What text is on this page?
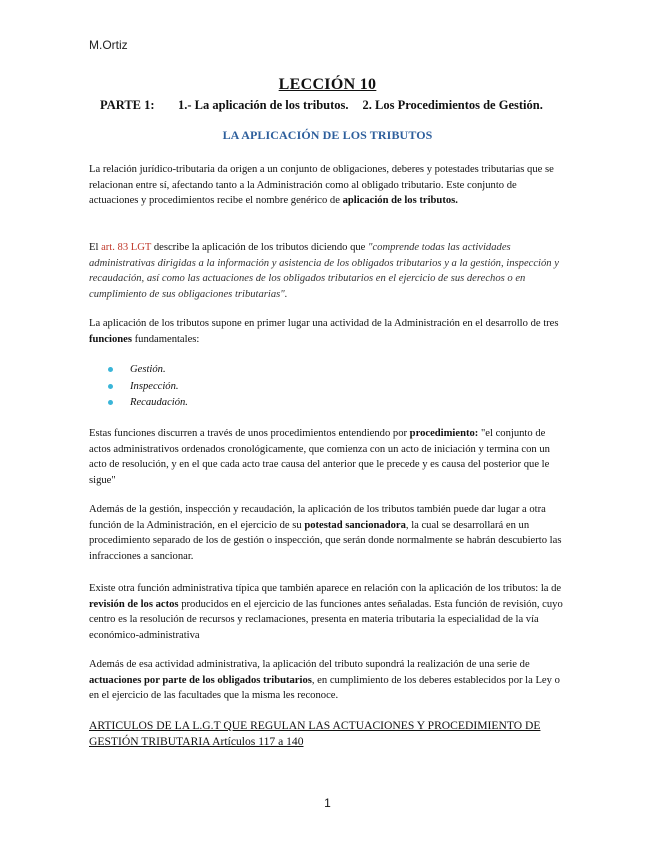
M.Ortiz
LECCIÓN 10
PARTE 1: 1.- La aplicación de los tributos. 2. Los Procedimientos de Gestión.
LA APLICACIÓN DE LOS TRIBUTOS

La relación jurídico-tributaria da origen a un conjunto de obligaciones, deberes y potestades tributarias que se relacionan entre sí, afectando tanto a la Administración como al obligado tributario. Este conjunto de actuaciones y procedimientos recibe el nombre genérico de aplicación de los tributos.

El art. 83 LGT describe la aplicación de los tributos diciendo que "comprende todas las actividades administrativas dirigidas a la información y asistencia de los obligados tributarios y a la gestión, inspección y recaudación, así como las actuaciones de los obligados tributarios en el ejercicio de sus derechos o en cumplimiento de sus obligaciones tributarias".

La aplicación de los tributos supone en primer lugar una actividad de la Administración en el desarrollo de tres funciones fundamentales:

Gestión.
Inspección.
Recaudación.

Estas funciones discurren a través de unos procedimientos entendiendo por procedimiento: "el conjunto de actos administrativos ordenados cronológicamente, que comienza con un acto de iniciación y termina con un acto de resolución, y en el que cada acto trae causa del anterior que le precede y es causa del posterior que le sigue"

Además de la gestión, inspección y recaudación, la aplicación de los tributos también puede dar lugar a otra función de la Administración, en el ejercicio de su potestad sancionadora, la cual se desarrollará en un procedimiento separado de los de gestión o inspección, que serán donde normalmente se habrán descubierto las infracciones a sancionar.

Existe otra función administrativa típica que también aparece en relación con la aplicación de los tributos: la de revisión de los actos producidos en el ejercicio de las funciones antes señaladas. Esta función de revisión, cuyo centro es la resolución de recursos y reclamaciones, presenta en materia tributaria la especialidad de la vía económico-administrativa

Además de esa actividad administrativa, la aplicación del tributo supondrá la realización de una serie de actuaciones por parte de los obligados tributarios, en cumplimiento de los deberes establecidos por la Ley o en el ejercicio de las facultades que la misma les reconoce.

ARTICULOS DE LA L.G.T QUE REGULAN LAS ACTUACIONES Y PROCEDIMIENTO DE GESTIÓN TRIBUTARIA Artículos 117 a 140

1
